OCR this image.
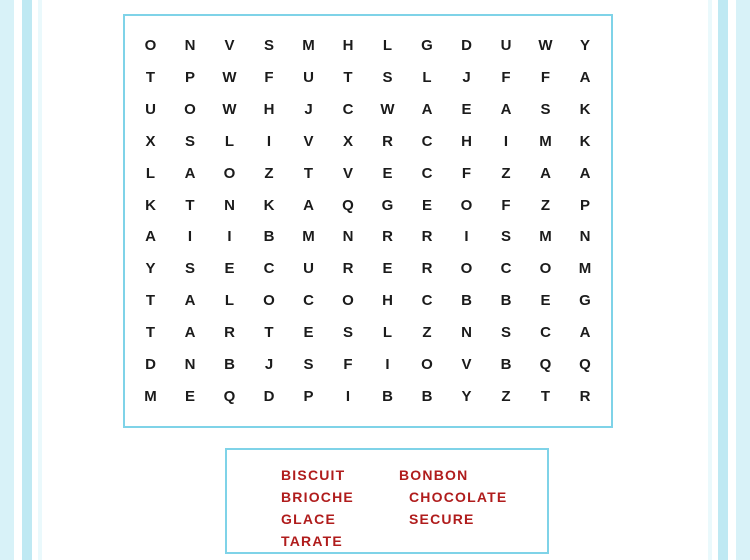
O	N	V	S	M	H	L	G	D	U	W	Y
T	P	W	F	U	T	S	L	J	F	F	A
U	O	W	H	J	C	W	A	E	A	S	K
X	S	L	I	V	X	R	C	H	I	M	K
L	A	O	Z	T	V	E	C	F	Z	A	A
K	T	N	K	A	Q	G	E	O	F	Z	P
A	I	I	B	M	N	R	R	I	S	M	N
Y	S	E	C	U	R	E	R	O	C	O	M
T	A	L	O	C	O	H	C	B	B	E	G
T	A	R	T	E	S	L	Z	N	S	C	A
D	N	B	J	S	F	I	O	V	B	Q	Q
M	E	Q	D	P	I	B	B	Y	Z	T	R
BISCUIT
BRIOCHE
GLACE
TARATE
BONBON
CHOCOLATE
SECURE
